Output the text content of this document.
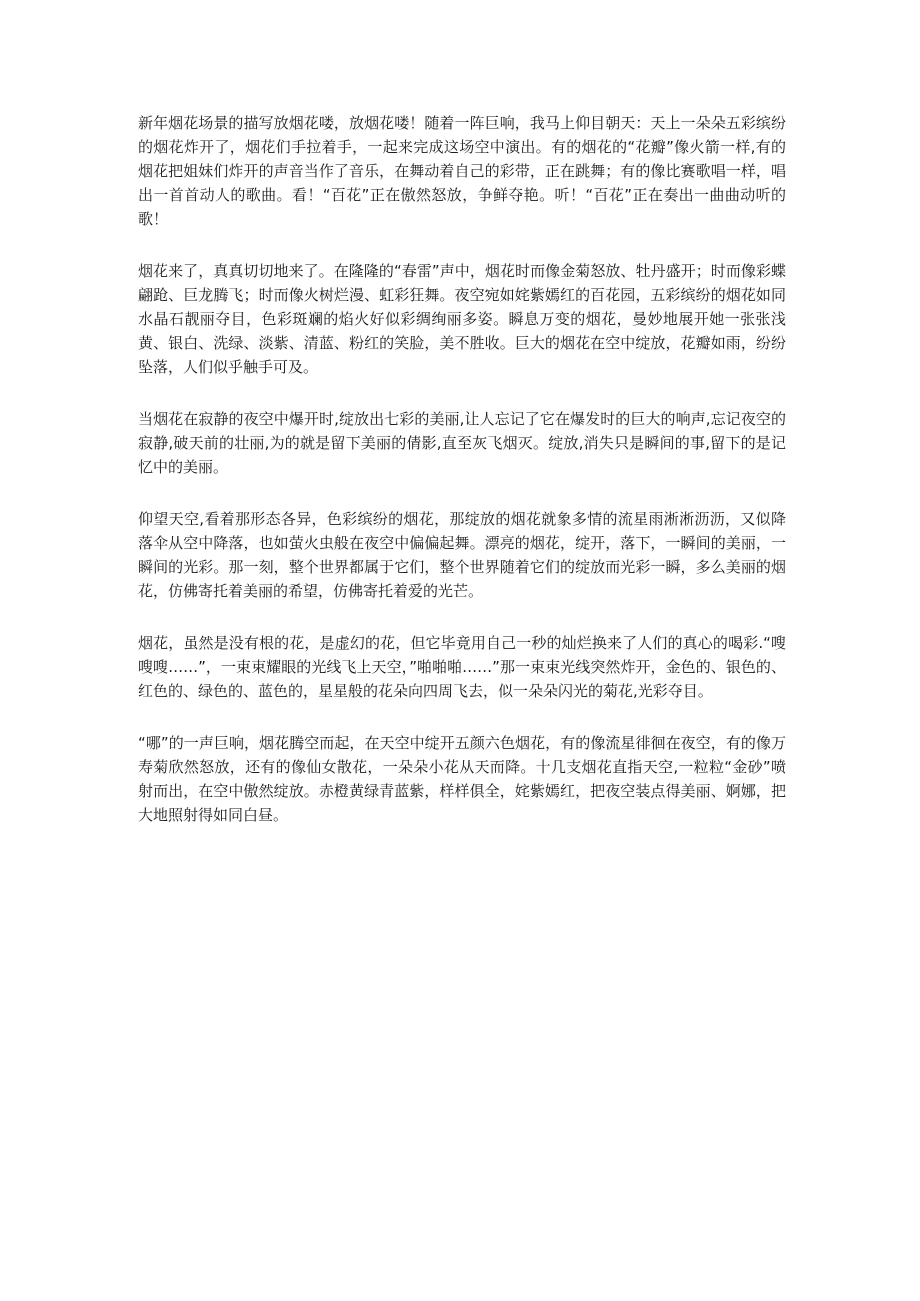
新年烟花场景的描写放烟花喽，放烟花喽！随着一阵巨响，我马上仰目朝天：天上一朵朵五彩缤纷的烟花炸开了，烟花们手拉着手，一起来完成这场空中演出。有的烟花的“花瓣”像火箭一样,有的烟花把姐妹们炸开的声音当作了音乐，在舞动着自己的彩带，正在跳舞；有的像比赛歌唱一样，唱出一首首动人的歌曲。看！“百花”正在傲然怒放，争鲜夺艳。听！“百花”正在奏出一曲曲动听的歌！

烟花来了，真真切切地来了。在隆隆的“春雷”声中，烟花时而像金菊怒放、牡丹盛开；时而像彩蝶翩跄、巨龙腾飞；时而像火树烂漫、虹彩狂舞。夜空宛如姹紫嫣红的百花园，五彩缤纷的烟花如同水晶石靓丽夺目，色彩斑斓的焰火好似彩绸绚丽多姿。瞬息万变的烟花，曼妙地展开她一张张浅黄、银白、洗绿、淡紫、清蓝、粉红的笑脸，美不胜收。巨大的烟花在空中绽放，花瓣如雨，纷纷坠落，人们似乎触手可及。

当烟花在寂静的夜空中爆开时,绽放出七彩的美丽,让人忘记了它在爆发时的巨大的响声,忘记夜空的寂静,破天前的壮丽,为的就是留下美丽的倩影,直至灰飞烟灭。绽放,消失只是瞬间的事,留下的是记忆中的美丽。

仰望天空,看着那形态各异，色彩缤纷的烟花，那绽放的烟花就象多情的流星雨淅淅沥沥，又似降落伞从空中降落，也如萤火虫般在夜空中偏偏起舞。漂亮的烟花，绽开，落下，一瞬间的美丽，一瞬间的光彩。那一刻，整个世界都属于它们，整个世界随着它们的绽放而光彩一瞬，多么美丽的烟花，仿佛寄托着美丽的希望，仿佛寄托着爱的光芒。

烟花，虽然是没有根的花，是虚幻的花，但它毕竟用自己一秒的灿烂换来了人们的真心的喝彩.“嗖嗖嗖……”，一束束耀眼的光线飞上天空，”啪啪啪……”那一束束光线突然炸开，金色的、银色的、红色的、绿色的、蓝色的，星星般的花朵向四周飞去，似一朵朵闪光的菊花,光彩夺目。

“哪”的一声巨响，烟花腾空而起，在天空中绽开五颜六色烟花，有的像流星徘徊在夜空，有的像万寿菊欣然怒放，还有的像仙女散花，一朵朵小花从天而降。十几支烟花直指天空,一粒粒“金砂”喷射而出，在空中傲然绽放。赤橙黄绿青蓝紫，样样俱全，姹紫嫣红，把夜空装点得美丽、婀娜，把大地照射得如同白昼。
